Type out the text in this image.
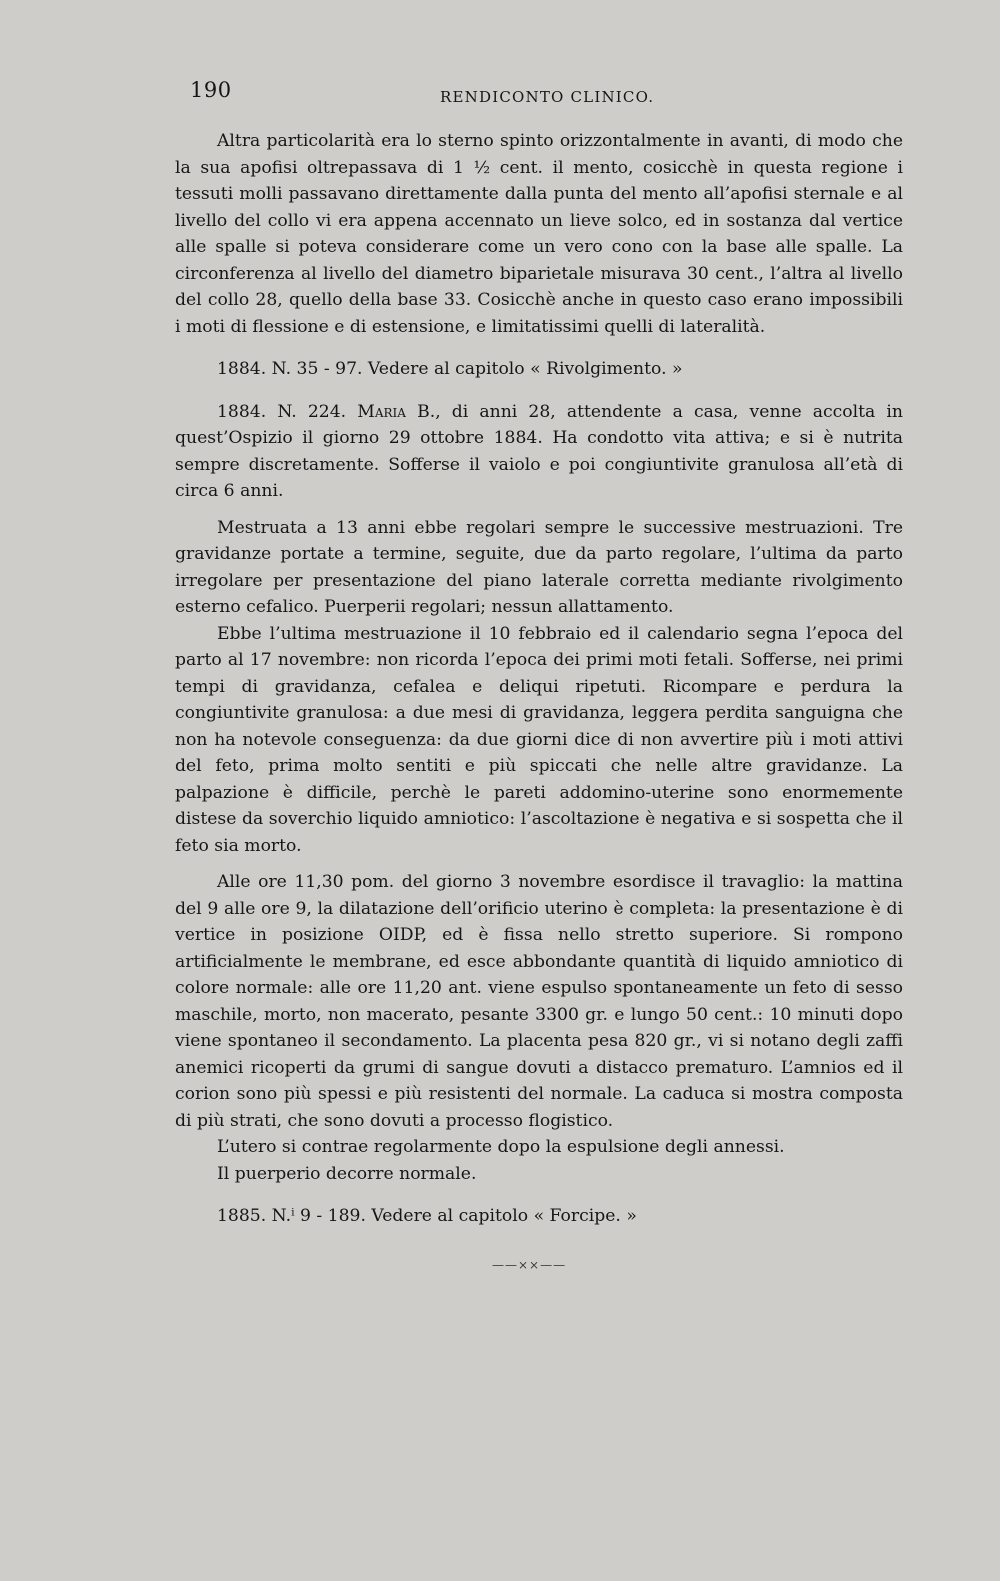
190	RENDICONTO CLINICO.

Altra particolarità era lo sterno spinto orizzontalmente in avanti, di modo che la sua apofisi oltrepassava di 1 ½ cent. il mento, cosicchè in questa regione i tessuti molli passavano direttamente dalla punta del mento all’apofisi sternale e al livello del collo vi era appena accennato un lieve solco, ed in sostanza dal vertice alle spalle si poteva considerare come un vero cono con la base alle spalle. La circonferenza al livello del diametro biparietale misurava 30 cent., l’altra al livello del collo 28, quello della base 33. Cosicchè anche in questo caso erano impossibili i moti di flessione e di estensione, e limitatissimi quelli di lateralità.

1884. N. 35 - 97. Vedere al capitolo « Rivolgimento. »

1884. N. 224. Maria B., di anni 28, attendente a casa, venne accolta in quest’Ospizio il giorno 29 ottobre 1884. Ha condotto vita attiva; e si è nutrita sempre discretamente. Sofferse il vaiolo e poi congiuntivite granulosa all’età di circa 6 anni.

Mestruata a 13 anni ebbe regolari sempre le successive mestruazioni. Tre gravidanze portate a termine, seguite, due da parto regolare, l’ultima da parto irregolare per presentazione del piano laterale corretta mediante rivolgimento esterno cefalico. Puerperii regolari; nessun allattamento.

Ebbe l’ultima mestruazione il 10 febbraio ed il calendario segna l’epoca del parto al 17 novembre: non ricorda l’epoca dei primi moti fetali. Sofferse, nei primi tempi di gravidanza, cefalea e deliqui ripetuti. Ricompare e perdura la congiuntivite granulosa: a due mesi di gravidanza, leggera perdita sanguigna che non ha notevole conseguenza: da due giorni dice di non avvertire più i moti attivi del feto, prima molto sentiti e più spiccati che nelle altre gravidanze. La palpazione è difficile, perchè le pareti addomino-uterine sono enormemente distese da soverchio liquido amniotico: l’ascoltazione è negativa e si sospetta che il feto sia morto.

Alle ore 11,30 pom. del giorno 3 novembre esordisce il travaglio: la mattina del 9 alle ore 9, la dilatazione dell’orificio uterino è completa: la presentazione è di vertice in posizione OIDP, ed è fissa nello stretto superiore. Si rompono artificialmente le membrane, ed esce abbondante quantità di liquido amniotico di colore normale: alle ore 11,20 ant. viene espulso spontaneamente un feto di sesso maschile, morto, non macerato, pesante 3300 gr. e lungo 50 cent.: 10 minuti dopo viene spontaneo il secondamento. La placenta pesa 820 gr., vi si notano degli zaffi anemici ricoperti da grumi di sangue dovuti a distacco prematuro. L’amnios ed il corion sono più spessi e più resistenti del normale. La caduca si mostra composta di più strati, che sono dovuti a processo flogistico.

L’utero si contrae regolarmente dopo la espulsione degli annessi.

Il puerperio decorre normale.

1885. N.ⁱ 9 - 189. Vedere al capitolo « Forcipe. »

——⨯⨯——
